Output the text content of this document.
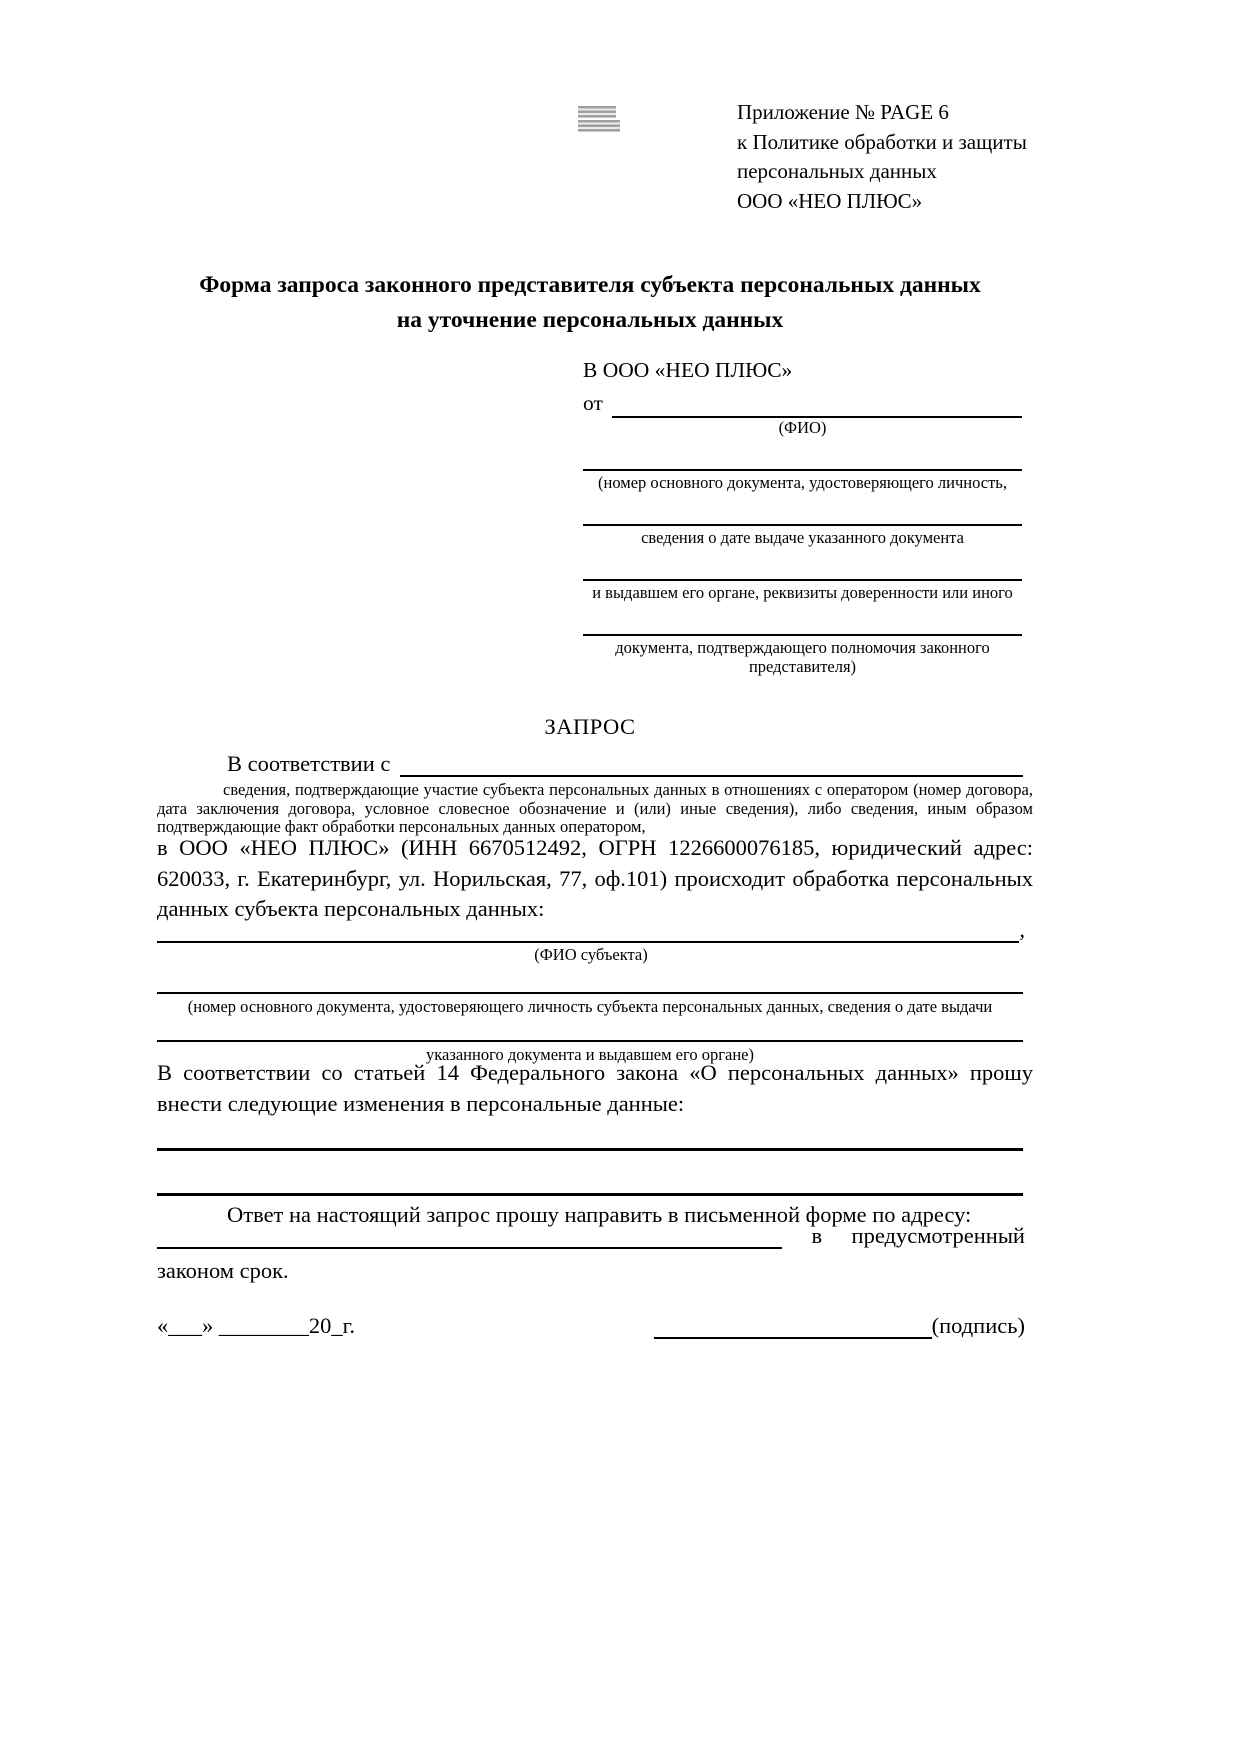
Приложение № PAGE 6
к Политике обработки и защиты
персональных данных
ООО «НЕО ПЛЮС»
Форма запроса законного представителя субъекта персональных данных
на уточнение персональных данных
В ООО «НЕО ПЛЮС»
от
(ФИО)
(номер основного документа, удостоверяющего личность,
сведения о дате выдаче указанного документа
и выдавшем его органе, реквизиты доверенности или иного
документа, подтверждающего полномочия законного представителя)
ЗАПРОС
В соответствии с
сведения, подтверждающие участие субъекта персональных данных в отношениях с оператором (номер договора, дата заключения договора, условное словесное обозначение и (или) иные сведения), либо сведения, иным образом подтверждающие факт обработки персональных данных оператором,
в ООО «НЕО ПЛЮС» (ИНН 6670512492, ОГРН 1226600076185, юридический адрес: 620033, г. Екатеринбург, ул. Норильская, 77, оф.101) происходит обработка персональных данных субъекта персональных данных:
,
(ФИО субъекта)
(номер основного документа, удостоверяющего личность субъекта персональных данных, сведения о дате выдачи
указанного документа и выдавшем его органе)
В соответствии со статьей 14 Федерального закона «О персональных данных» прошу внести следующие изменения в персональные данные:
Ответ на настоящий запрос прошу направить в письменной форме по адресу:
в предусмотренный
законом срок.
«___» ________20_г.	(подпись)
